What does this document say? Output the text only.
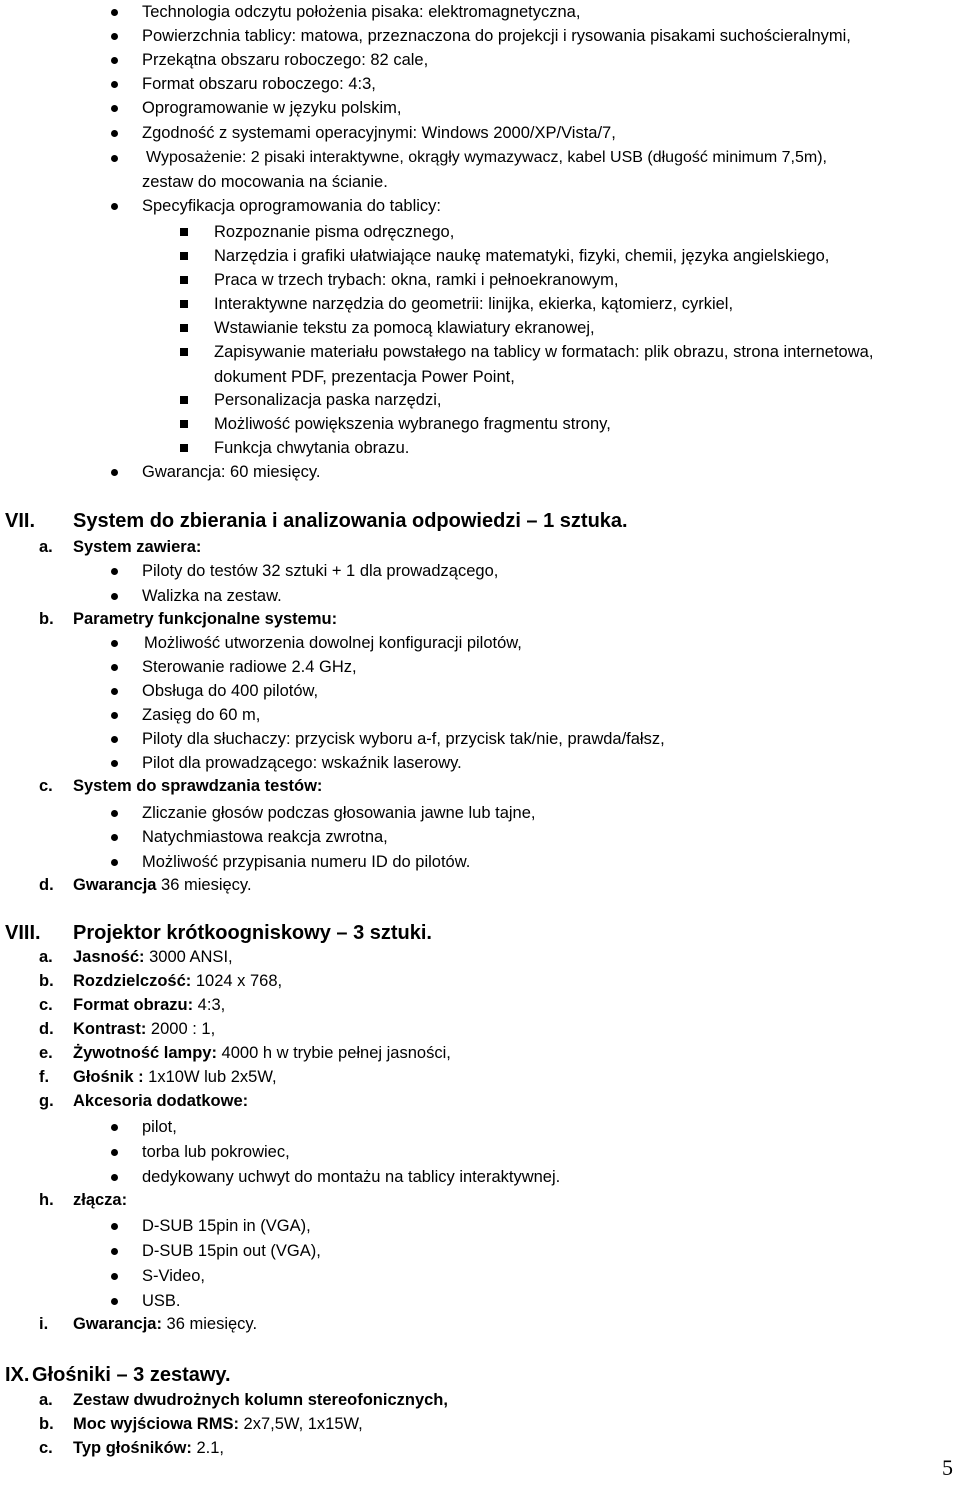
Technologia odczytu położenia pisaka: elektromagnetyczna,
Powierzchnia tablicy: matowa, przeznaczona do projekcji i rysowania pisakami suchościeralnymi,
Przekątna obszaru roboczego: 82 cale,
Format obszaru roboczego: 4:3,
Oprogramowanie w języku polskim,
Zgodność z systemami operacyjnymi: Windows 2000/XP/Vista/7,
Wyposażenie: 2 pisaki interaktywne, okrągły wymazywacz, kabel USB (długość minimum 7,5m),
zestaw do mocowania na ścianie.
Specyfikacja oprogramowania do tablicy:
Rozpoznanie pisma odręcznego,
Narzędzia i grafiki ułatwiające naukę matematyki, fizyki, chemii, języka angielskiego,
Praca w trzech trybach: okna, ramki i pełnoekranowym,
Interaktywne narzędzia do geometrii: linijka, ekierka, kątomierz, cyrkiel,
Wstawianie tekstu za pomocą klawiatury ekranowej,
Zapisywanie materiału powstałego na tablicy w formatach: plik obrazu, strona internetowa,
dokument PDF, prezentacja Power Point,
Personalizacja paska narzędzi,
Możliwość powiększenia wybranego fragmentu strony,
Funkcja chwytania obrazu.
Gwarancja: 60 miesięcy.
VII. System do zbierania i analizowania odpowiedzi – 1 sztuka.
a. System zawiera:
Piloty do testów 32 sztuki + 1 dla prowadzącego,
Walizka na zestaw.
b. Parametry funkcjonalne systemu:
Możliwość utworzenia dowolnej konfiguracji pilotów,
Sterowanie radiowe 2.4 GHz,
Obsługa do 400 pilotów,
Zasięg do 60 m,
Piloty dla słuchaczy: przycisk wyboru a-f, przycisk tak/nie, prawda/fałsz,
Pilot dla prowadzącego: wskaźnik laserowy.
c. System do sprawdzania testów:
Zliczanie głosów podczas głosowania jawne lub tajne,
Natychmiastowa reakcja zwrotna,
Możliwość przypisania numeru ID do pilotów.
d. Gwarancja 36 miesięcy.
VIII. Projektor krótkoogniskowy – 3 sztuki.
a. Jasność: 3000 ANSI,
b. Rozdzielczość: 1024 x 768,
c. Format obrazu: 4:3,
d. Kontrast: 2000 : 1,
e. Żywotność lampy: 4000 h w trybie pełnej jasności,
f. Głośnik : 1x10W lub 2x5W,
g. Akcesoria dodatkowe:
pilot,
torba lub pokrowiec,
dedykowany uchwyt do montażu na tablicy interaktywnej.
h. złącza:
D-SUB 15pin in (VGA),
D-SUB 15pin out (VGA),
S-Video,
USB.
i. Gwarancja: 36 miesięcy.
IX. Głośniki – 3 zestawy.
a. Zestaw dwudrożnych kolumn stereofonicznych,
b. Moc wyjściowa RMS: 2x7,5W, 1x15W,
c. Typ głośników: 2.1,
5
